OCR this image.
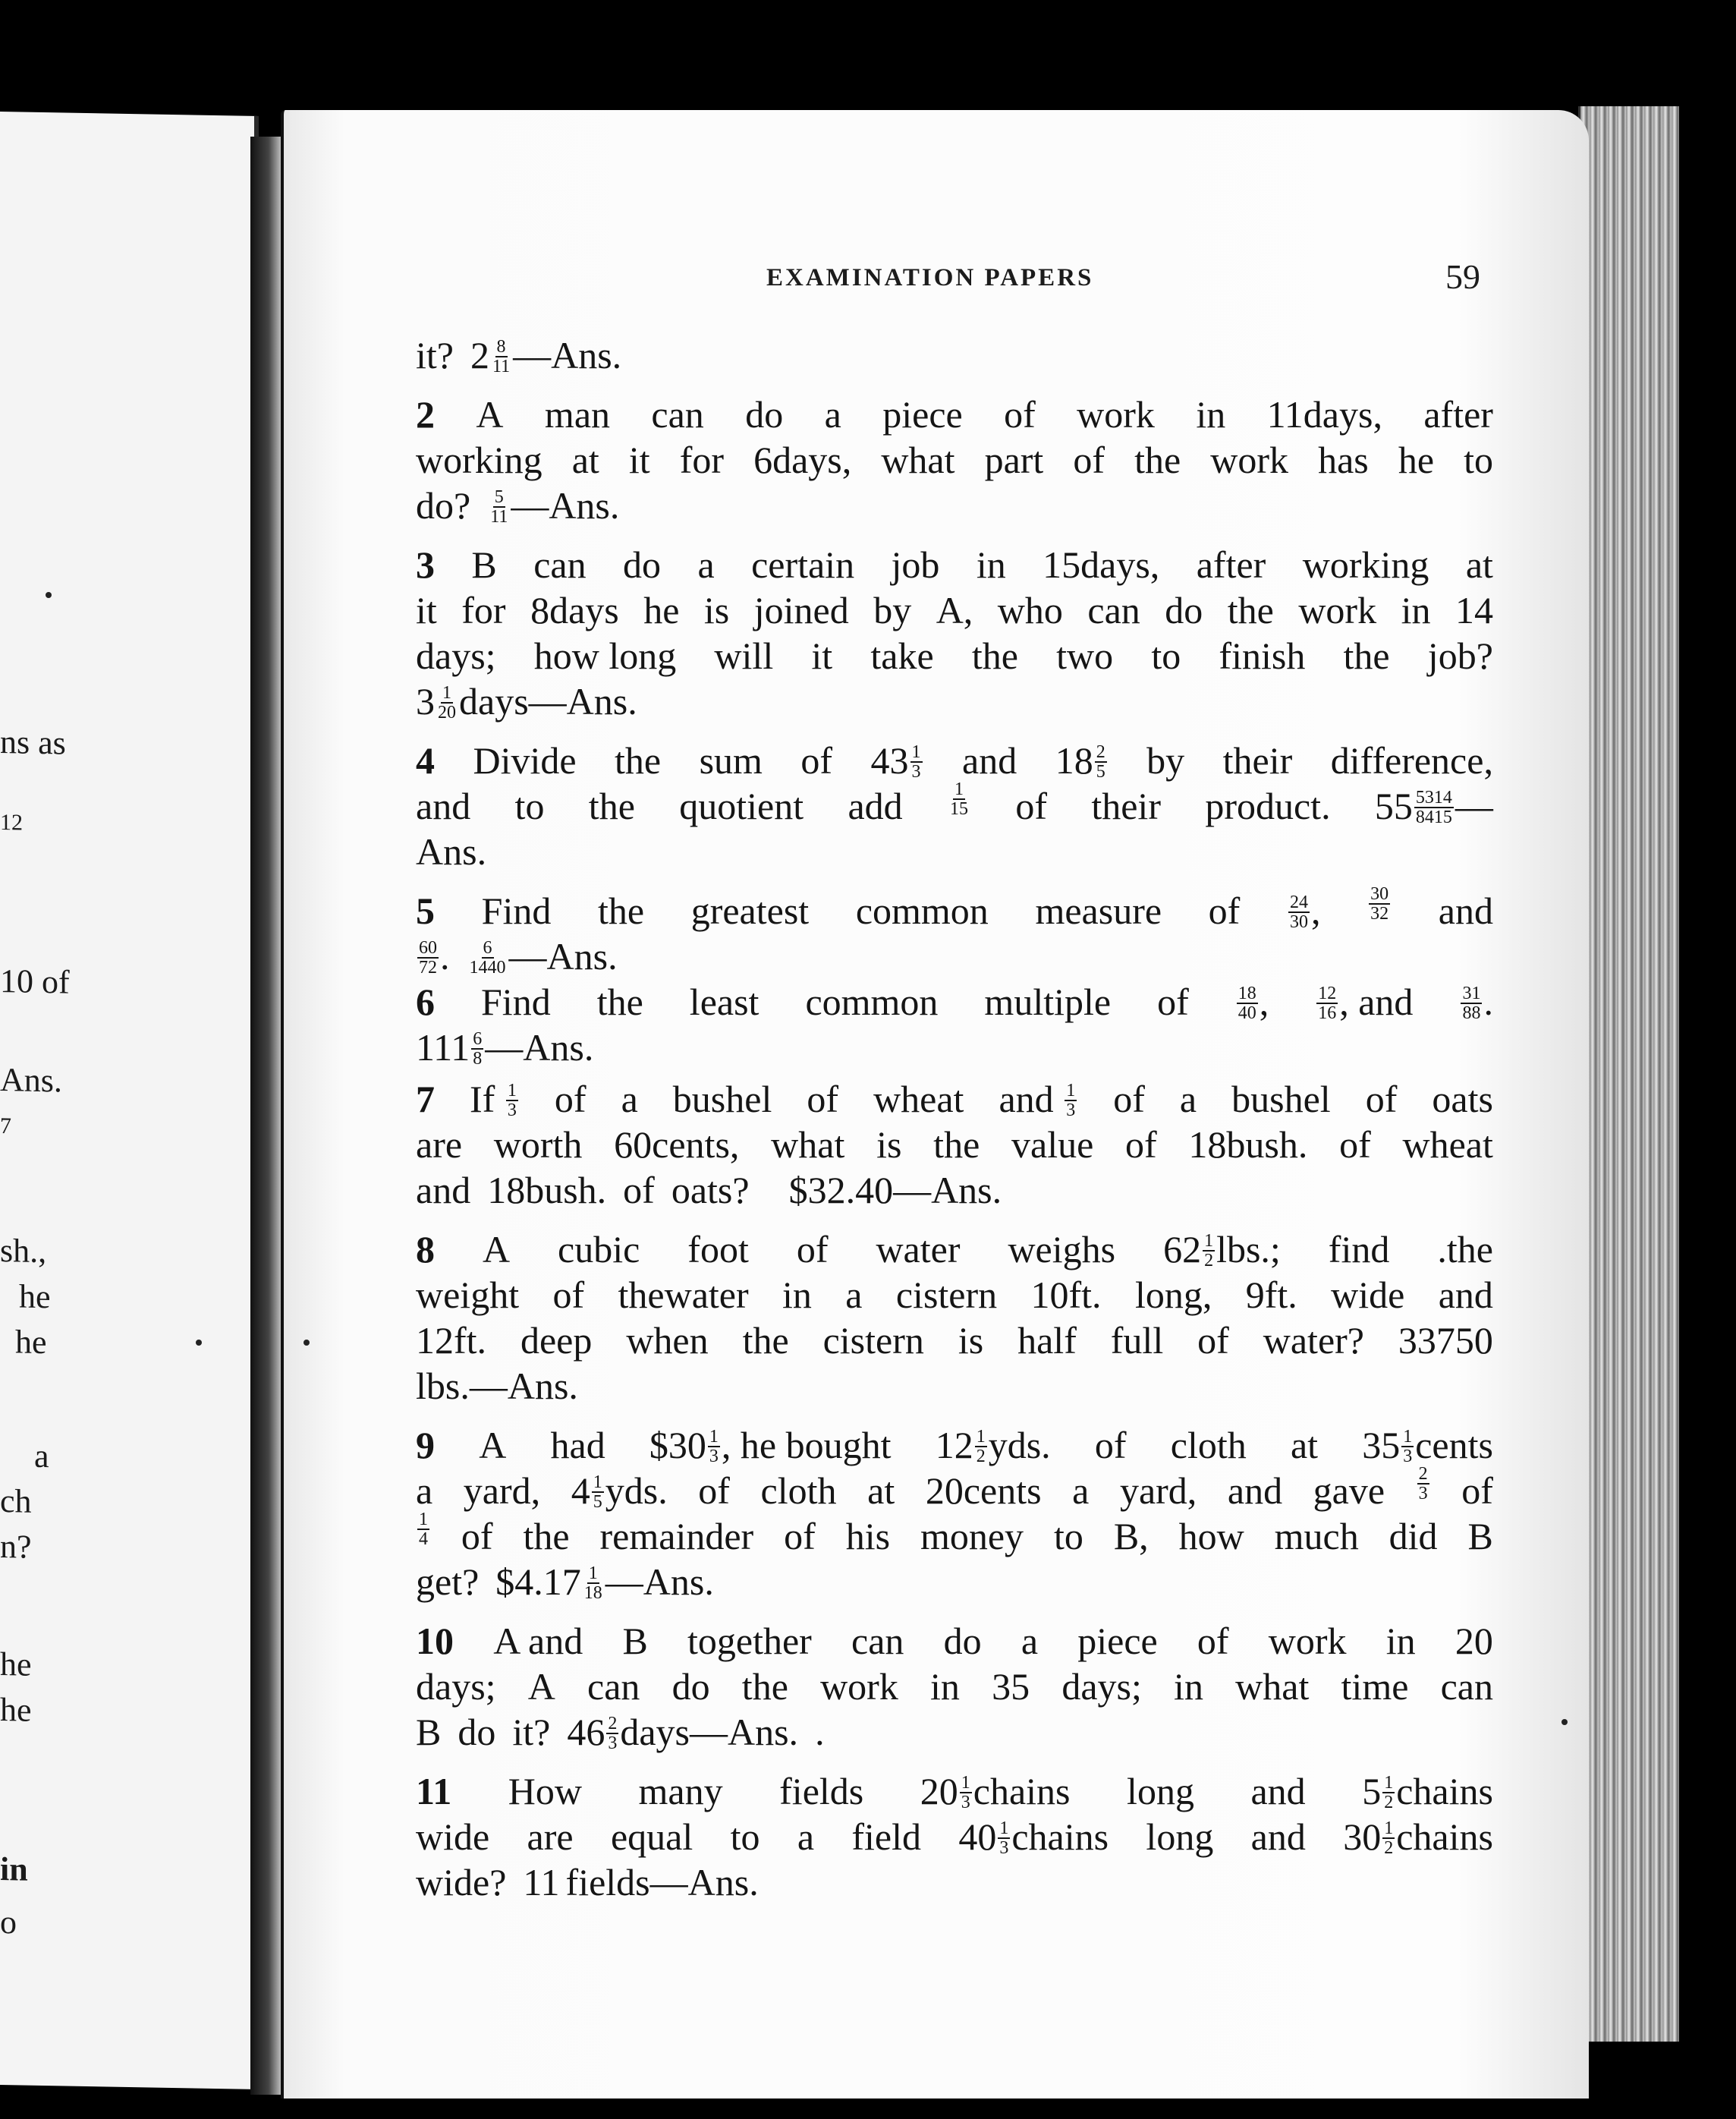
ns as
12
10 of
Ans.
7
sh.,
he
he
a
ch
n?
he
he
in
o
EXAMINATION PAPERS	59
it? $2 \frac{8}{11}$ —Ans.
2 A man can do a piece of work in 11days, after
working at it for 6days, what part of the work has he to
do? $\frac{5}{11}$ —Ans.
3 B can do a certain job in 15days, after working at
it for 8days he is joined by A, who can do the work in 14
days; how long will it take the two to finish the job?
$3 \frac{1}{20}$ days—Ans.
4 Divide the sum of $43 \frac{1}{3}$ and $18 \frac{2}{5}$ by their difference,
and to the quotient add	$\frac{1}{15}$ of their product. $55 \frac{5314}{8415}$ —
Ans.
5 Find the greatest common measure of	$\frac{24}{30}$ ,	$\frac{30}{32}$ and
$\frac{60}{72}$ . $\frac{6}{1440}$ —Ans.
6 Find the least common multiple of	$\frac{18}{40}$ ,	$\frac{12}{16}$ , and	$\frac{31}{88}$ .
$111 \frac{6}{8}$ —Ans.
7 If $\frac{1}{3}$ of a bushel of wheat and $\frac{1}{3}$ of a bushel of oats
are worth 60cents, what is the value of 18bush. of wheat
and 18bush. of oats? $32.40—Ans.
8 A cubic foot of water weighs $62 \frac{1}{2}$ lbs.; find .the
weight of thewater in a cistern 10ft. long, 9ft. wide and
12ft. deep when the cistern is half full of water? 33750
lbs.—Ans.
9 A had $30 $\frac{1}{3}$ , he bought $12 \frac{1}{2}$ yds. of cloth at $35 \frac{1}{3}$ cents
a yard, $4 \frac{1}{5}$ yds. of cloth at 20cents a yard, and gave $\frac{2}{3}$ of
$\frac{1}{4}$ of the remainder of his money to B, how much did B
get? $4.17 $\frac{1}{18}$ —Ans.
10 A and B together can do a piece of work in 20
days; A can do the work in 35 days; in what time can
B do it? $46 \frac{2}{3}$ days—Ans. .
11 How many fields $20 \frac{1}{3}$ chains long and $5 \frac{1}{2}$ chains
wide are equal to a field $40 \frac{1}{3}$ chains long and $30 \frac{1}{2}$ chains
wide? 11 fields—Ans.
